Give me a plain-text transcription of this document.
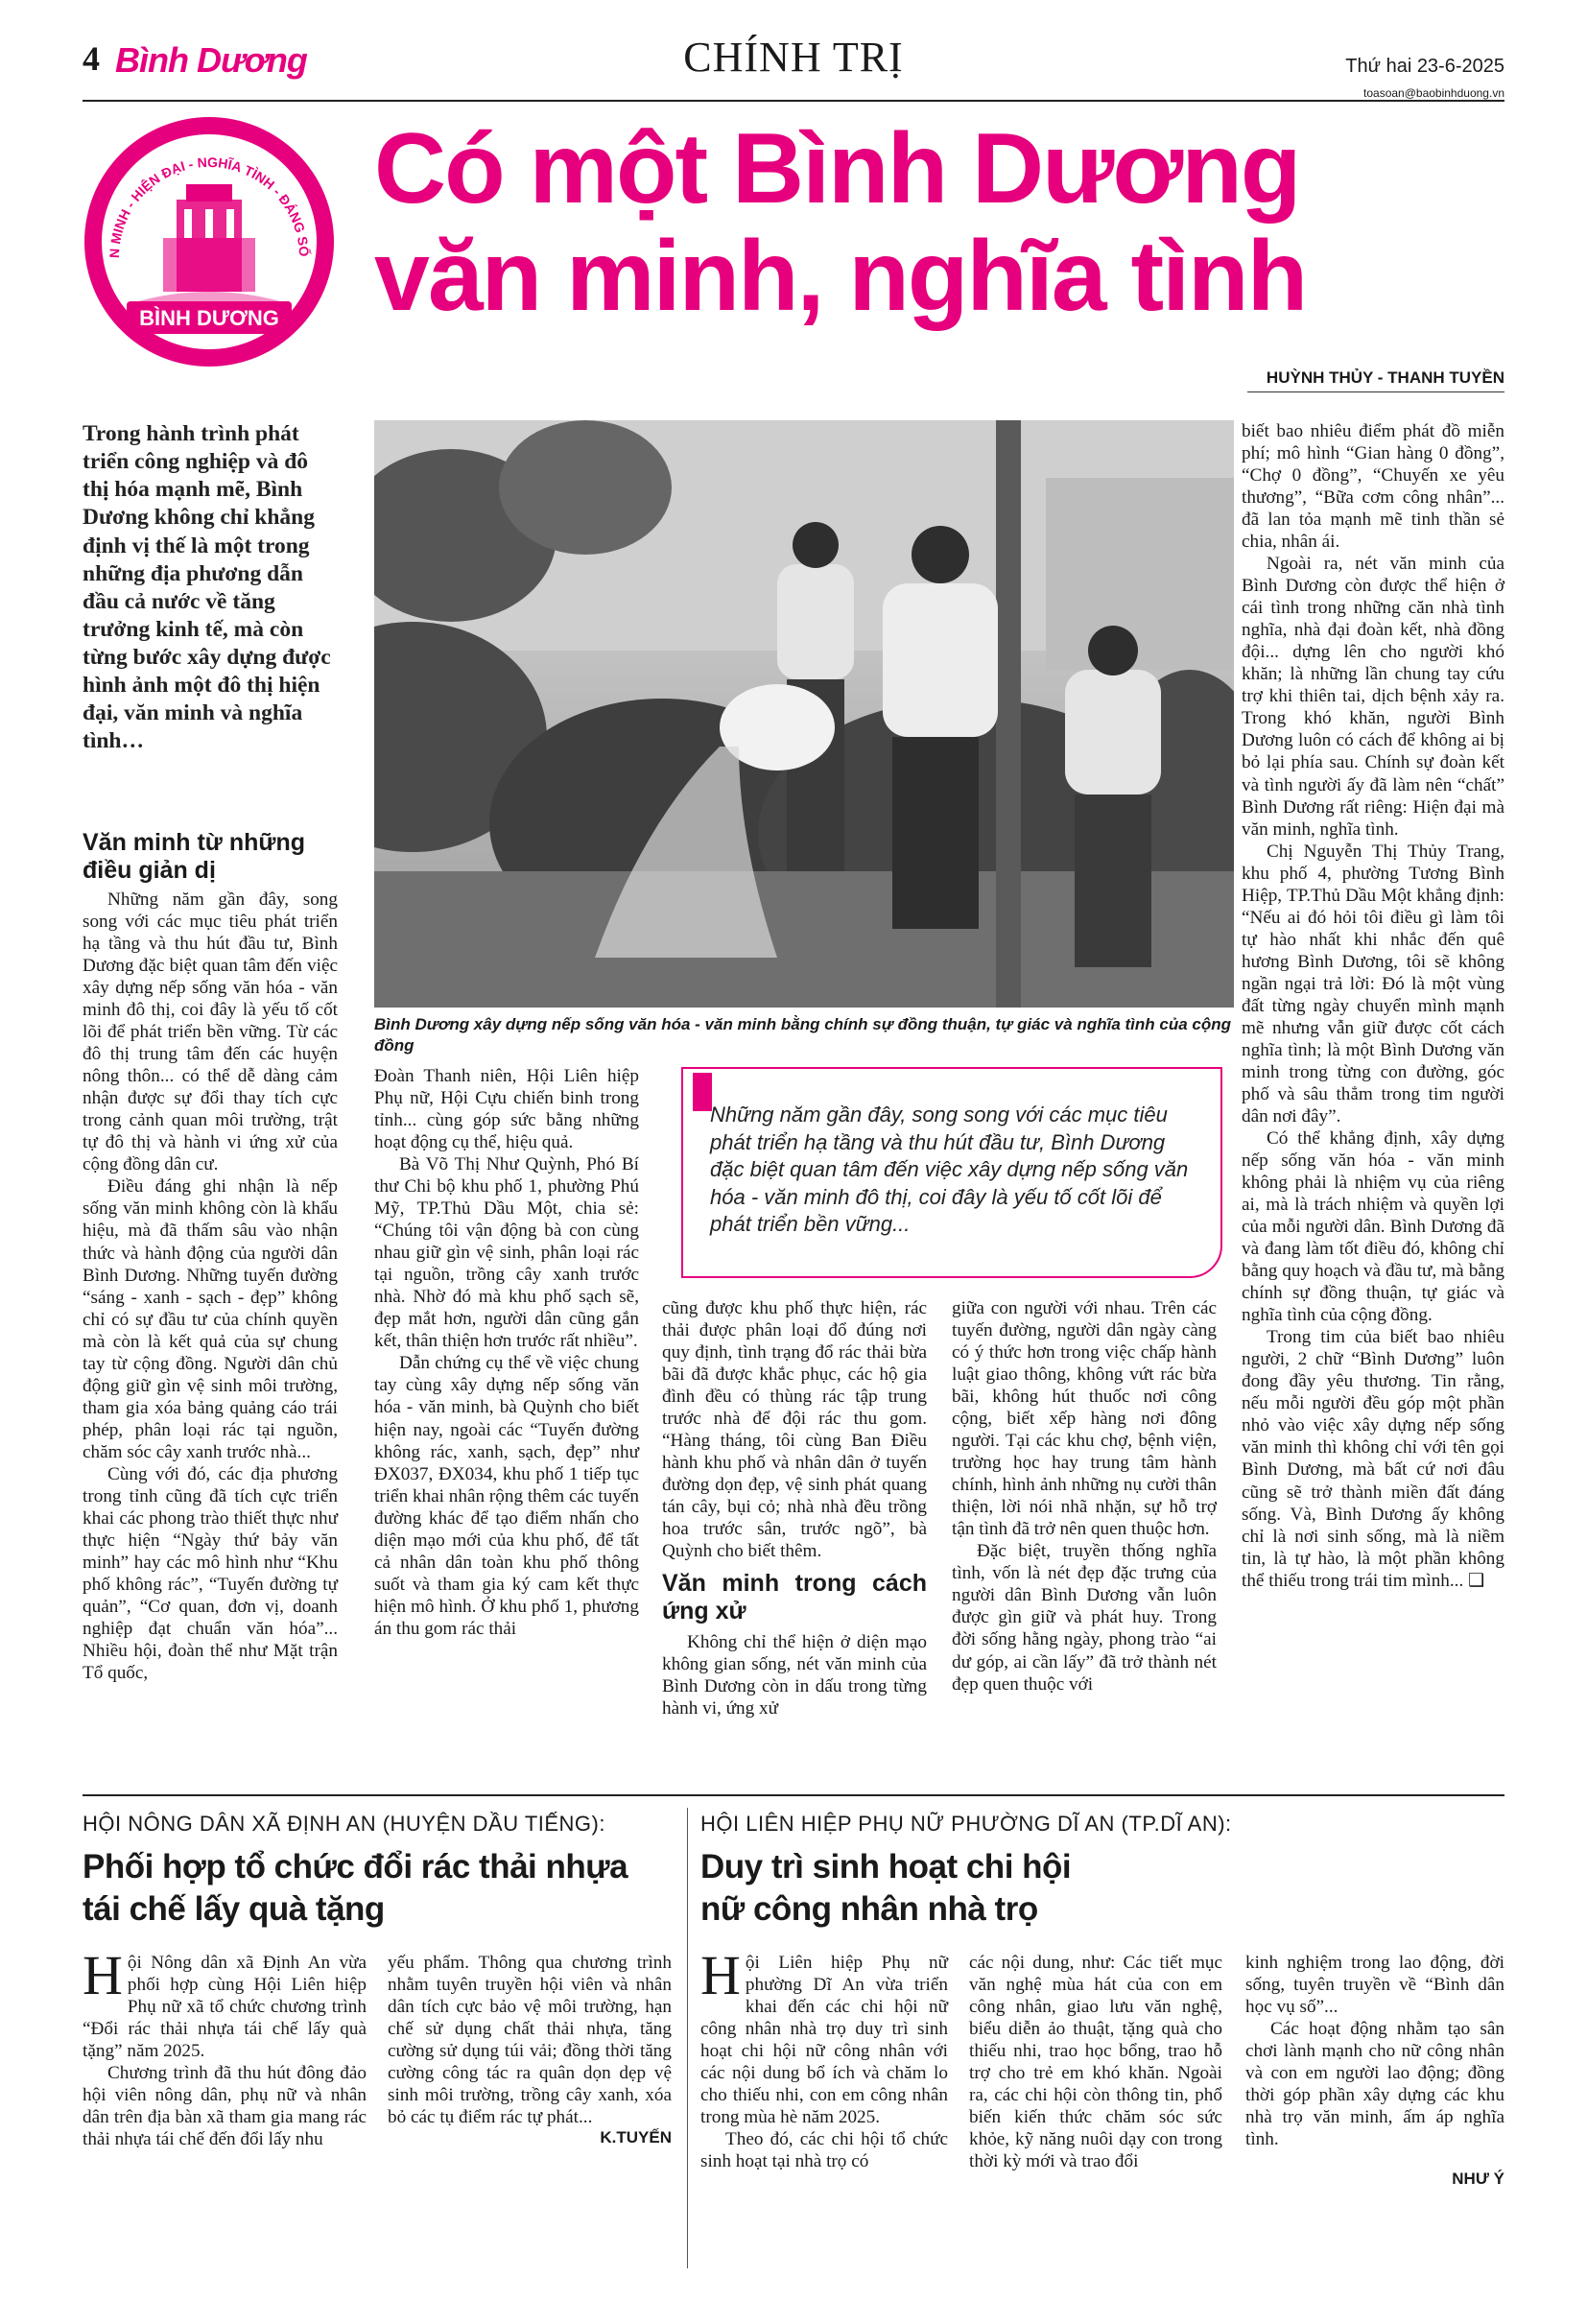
4 Bình Dương	CHÍNH TRỊ	Thứ hai 23-6-2025
toasoan@baobinhduong.vn
N MINH - HIỆN ĐẠI - NGHĨA TÌNH - ĐÁNG SỐ
BÌNH DƯƠNG
Có một Bình Dương
văn minh, nghĩa tình
HUỲNH THỦY - THANH TUYỀN
Trong hành trình phát triển công nghiệp và đô thị hóa mạnh mẽ, Bình Dương không chỉ khẳng định vị thế là một trong những địa phương dẫn đầu cả nước về tăng trưởng kinh tế, mà còn từng bước xây dựng được hình ảnh một đô thị hiện đại, văn minh và nghĩa tình…
Văn minh từ những điều giản dị

Những năm gần đây, song song với các mục tiêu phát triển hạ tầng và thu hút đầu tư, Bình Dương đặc biệt quan tâm đến việc xây dựng nếp sống văn hóa - văn minh đô thị, coi đây là yếu tố cốt lõi để phát triển bền vững. Từ các đô thị trung tâm đến các huyện nông thôn... có thể dễ dàng cảm nhận được sự đổi thay tích cực trong cảnh quan môi trường, trật tự đô thị và hành vi ứng xử của cộng đồng dân cư.

Điều đáng ghi nhận là nếp sống văn minh không còn là khẩu hiệu, mà đã thấm sâu vào nhận thức và hành động của người dân Bình Dương. Những tuyến đường “sáng - xanh - sạch - đẹp” không chỉ có sự đầu tư của chính quyền mà còn là kết quả của sự chung tay từ cộng đồng. Người dân chủ động giữ gìn vệ sinh môi trường, tham gia xóa bảng quảng cáo trái phép, phân loại rác tại nguồn, chăm sóc cây xanh trước nhà...

Cùng với đó, các địa phương trong tỉnh cũng đã tích cực triển khai các phong trào thiết thực như thực hiện “Ngày thứ bảy văn minh” hay các mô hình như “Khu phố không rác”, “Tuyến đường tự quản”, “Cơ quan, đơn vị, doanh nghiệp đạt chuẩn văn hóa”... Nhiều hội, đoàn thể như Mặt trận Tổ quốc,

Bình Dương xây dựng nếp sống văn hóa - văn minh bằng chính sự đồng thuận, tự giác và nghĩa tình của cộng đồng

Đoàn Thanh niên, Hội Liên hiệp Phụ nữ, Hội Cựu chiến binh trong tỉnh... cùng góp sức bằng những hoạt động cụ thể, hiệu quả.

Bà Võ Thị Như Quỳnh, Phó Bí thư Chi bộ khu phố 1, phường Phú Mỹ, TP.Thủ Dầu Một, chia sẻ: “Chúng tôi vận động bà con cùng nhau giữ gìn vệ sinh, phân loại rác tại nguồn, trồng cây xanh trước nhà. Nhờ đó mà khu phố sạch sẽ, đẹp mắt hơn, người dân cũng gắn kết, thân thiện hơn trước rất nhiều”.

Dẫn chứng cụ thể về việc chung tay cùng xây dựng nếp sống văn hóa - văn minh, bà Quỳnh cho biết hiện nay, ngoài các “Tuyến đường không rác, xanh, sạch, đẹp” như ĐX037, ĐX034, khu phố 1 tiếp tục triển khai nhân rộng thêm các tuyến đường khác để tạo điểm nhấn cho diện mạo mới của khu phố, để tất cả nhân dân toàn khu phố thông suốt và tham gia ký cam kết thực hiện mô hình. Ở khu phố 1, phương án thu gom rác thải

Những năm gần đây, song song với các mục tiêu phát triển hạ tầng và thu hút đầu tư, Bình Dương đặc biệt quan tâm đến việc xây dựng nếp sống văn hóa - văn minh đô thị, coi đây là yếu tố cốt lõi để phát triển bền vững...

cũng được khu phố thực hiện, rác thải được phân loại đổ đúng nơi quy định, tình trạng đổ rác thải bừa bãi đã được khắc phục, các hộ gia đình đều có thùng rác tập trung trước nhà để đội rác thu gom. “Hàng tháng, tôi cùng Ban Điều hành khu phố và nhân dân ở tuyến đường dọn đẹp, vệ sinh phát quang tán cây, bụi cỏ; nhà nhà đều trồng hoa trước sân, trước ngõ”, bà Quỳnh cho biết thêm.

Văn minh trong cách ứng xử

Không chỉ thể hiện ở diện mạo không gian sống, nét văn minh của Bình Dương còn in dấu trong từng hành vi, ứng xử

giữa con người với nhau. Trên các tuyến đường, người dân ngày càng có ý thức hơn trong việc chấp hành luật giao thông, không vứt rác bừa bãi, không hút thuốc nơi công cộng, biết xếp hàng nơi đông người. Tại các khu chợ, bệnh viện, trường học hay trung tâm hành chính, hình ảnh những nụ cười thân thiện, lời nói nhã nhặn, sự hỗ trợ tận tình đã trở nên quen thuộc hơn.

Đặc biệt, truyền thống nghĩa tình, vốn là nét đẹp đặc trưng của người dân Bình Dương vẫn luôn được gìn giữ và phát huy. Trong đời sống hằng ngày, phong trào “ai dư góp, ai cần lấy” đã trở thành nét đẹp quen thuộc với

biết bao nhiêu điểm phát đồ miễn phí; mô hình “Gian hàng 0 đồng”, “Chợ 0 đồng”, “Chuyến xe yêu thương”, “Bữa cơm công nhân”... đã lan tỏa mạnh mẽ tinh thần sẻ chia, nhân ái.

Ngoài ra, nét văn minh của Bình Dương còn được thể hiện ở cái tình trong những căn nhà tình nghĩa, nhà đại đoàn kết, nhà đồng đội... dựng lên cho người khó khăn; là những lần chung tay cứu trợ khi thiên tai, dịch bệnh xảy ra. Trong khó khăn, người Bình Dương luôn có cách để không ai bị bỏ lại phía sau. Chính sự đoàn kết và tình người ấy đã làm nên “chất” Bình Dương rất riêng: Hiện đại mà văn minh, nghĩa tình.

Chị Nguyễn Thị Thủy Trang, khu phố 4, phường Tương Bình Hiệp, TP.Thủ Dầu Một khẳng định: “Nếu ai đó hỏi tôi điều gì làm tôi tự hào nhất khi nhắc đến quê hương Bình Dương, tôi sẽ không ngần ngại trả lời: Đó là một vùng đất từng ngày chuyển mình mạnh mẽ nhưng vẫn giữ được cốt cách nghĩa tình; là một Bình Dương văn minh trong từng con đường, góc phố và sâu thẳm trong tim người dân nơi đây”.

Có thể khẳng định, xây dựng nếp sống văn hóa - văn minh không phải là nhiệm vụ của riêng ai, mà là trách nhiệm và quyền lợi của mỗi người dân. Bình Dương đã và đang làm tốt điều đó, không chỉ bằng quy hoạch và đầu tư, mà bằng chính sự đồng thuận, tự giác và nghĩa tình của cộng đồng.

Trong tim của biết bao nhiêu người, 2 chữ “Bình Dương” luôn đong đầy yêu thương. Tin rằng, nếu mỗi người đều góp một phần nhỏ vào việc xây dựng nếp sống văn minh thì không chỉ với tên gọi Bình Dương, mà bất cứ nơi đâu cũng sẽ trở thành miền đất đáng sống. Và, Bình Dương ấy không chỉ là nơi sinh sống, mà là niềm tin, là tự hào, là một phần không thể thiếu trong trái tim mình... ❑

HỘI NÔNG DÂN XÃ ĐỊNH AN (HUYỆN DẦU TIẾNG):
Phối hợp tổ chức đổi rác thải nhựa
tái chế lấy quà tặng

Hội Nông dân xã Định An vừa phối hợp cùng Hội Liên hiệp Phụ nữ xã tổ chức chương trình “Đổi rác thải nhựa tái chế lấy quà tặng” năm 2025.

Chương trình đã thu hút đông đảo hội viên nông dân, phụ nữ và nhân dân trên địa bàn xã tham gia mang rác thải nhựa tái chế đến đổi lấy nhu

yếu phẩm. Thông qua chương trình nhằm tuyên truyền hội viên và nhân dân tích cực bảo vệ môi trường, hạn chế sử dụng chất thải nhựa, tăng cường sử dụng túi vải; đồng thời tăng cường công tác ra quân dọn dẹp vệ sinh môi trường, trồng cây xanh, xóa bỏ các tụ điểm rác tự phát...

K.TUYẾN
HỘI LIÊN HIỆP PHỤ NỮ PHƯỜNG DĨ AN (TP.DĨ AN):
Duy trì sinh hoạt chi hội
nữ công nhân nhà trọ

Hội Liên hiệp Phụ nữ phường Dĩ An vừa triển khai đến các chi hội nữ công nhân nhà trọ duy trì sinh hoạt chi hội nữ công nhân với các nội dung bổ ích và chăm lo cho thiếu nhi, con em công nhân trong mùa hè năm 2025.

Theo đó, các chi hội tổ chức sinh hoạt tại nhà trọ có

các nội dung, như: Các tiết mục văn nghệ mùa hát của con em công nhân, giao lưu văn nghệ, biểu diễn ảo thuật, tặng quà cho thiếu nhi, trao học bổng, trao hỗ trợ cho trẻ em khó khăn. Ngoài ra, các chi hội còn thông tin, phổ biến kiến thức chăm sóc sức khỏe, kỹ năng nuôi dạy con trong thời kỳ mới và trao đổi

kinh nghiệm trong lao động, đời sống, tuyên truyền về “Bình dân học vụ số”...

Các hoạt động nhằm tạo sân chơi lành mạnh cho nữ công nhân và con em người lao động; đồng thời góp phần xây dựng các khu nhà trọ văn minh, ấm áp nghĩa tình.

NHƯ Ý
